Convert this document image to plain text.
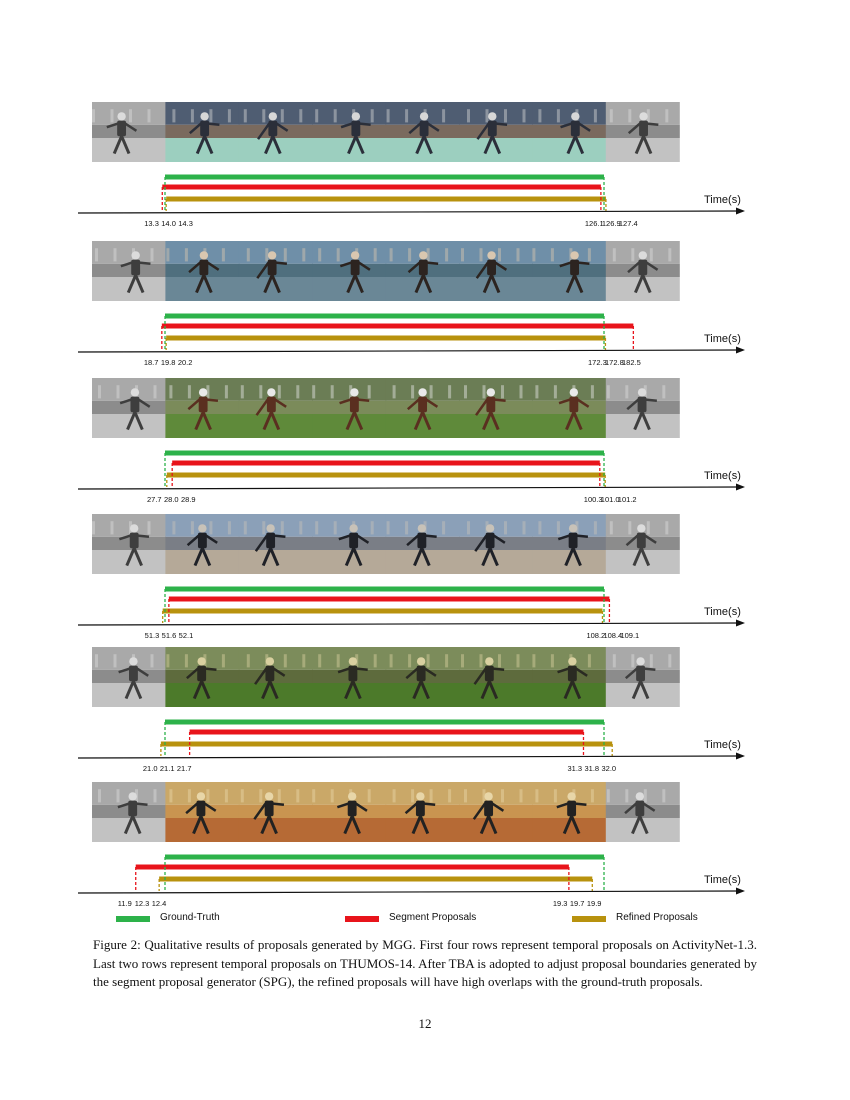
Time(s)
13.3 14.0 14.3	126.1
126.9
127.4
Time(s)
18.7 19.8 20.2	172.3
172.8
182.5
Time(s)
27.7 28.0 28.9	100.3
101.0
101.2
Time(s)
51.3 51.6 52.1	108.2
108.4
109.1
Time(s)
21.0 21.1 21.7	31.3 31.8 32.0
Time(s)
11.9 12.3 12.4	19.3 19.7 19.9
Ground-Truth	Segment Proposals	Refined Proposals

Figure 2: Qualitative results of proposals generated by MGG. First four rows represent temporal proposals on ActivityNet-1.3. Last two rows represent temporal proposals on THUMOS-14. After TBA is adopted to adjust proposal boundaries generated by the segment proposal generator (SPG), the refined proposals will have high overlaps with the ground-truth proposals.

12
